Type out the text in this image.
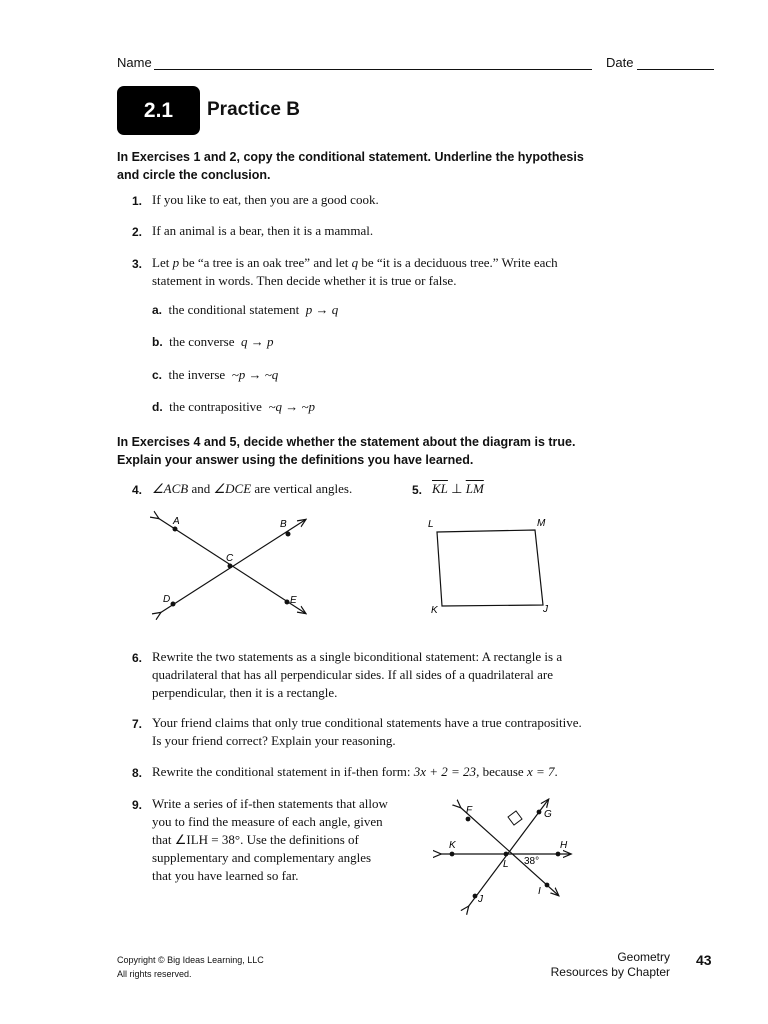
Name	Date
2.1	Practice B
In Exercises 1 and 2, copy the conditional statement. Underline the hypothesis
and circle the conclusion.
1. If you like to eat, then you are a good cook.
2. If an animal is a bear, then it is a mammal.
3. Let p be “a tree is an oak tree” and let q be “it is a deciduous tree.” Write each
statement in words. Then decide whether it is true or false.
a. the conditional statement p → q
b. the converse q → p
c. the inverse ~p → ~q
d. the contrapositive ~q → ~p
In Exercises 4 and 5, decide whether the statement about the diagram is true.
Explain your answer using the definitions you have learned.
4. ∠ACB and ∠DCE are vertical angles.	5. $\overline{KL}$ ⊥ $\overline{LM}$
A	B
C
D	E
L	M
K	J
6. Rewrite the two statements as a single biconditional statement: A rectangle is a
quadrilateral that has all perpendicular sides. If all sides of a quadrilateral are
perpendicular, then it is a rectangle.
7. Your friend claims that only true conditional statements have a true contrapositive.
Is your friend correct? Explain your reasoning.
8. Rewrite the conditional statement in if-then form: 3x + 2 = 23, because x = 7.
9. Write a series of if-then statements that allow
you to find the measure of each angle, given
that ∠ILH = 38°. Use the definitions of
supplementary and complementary angles
that you have learned so far.
F	G
K	H
L 38°
I
J
Copyright © Big Ideas Learning, LLC
All rights reserved.
Geometry
Resources by Chapter
43
